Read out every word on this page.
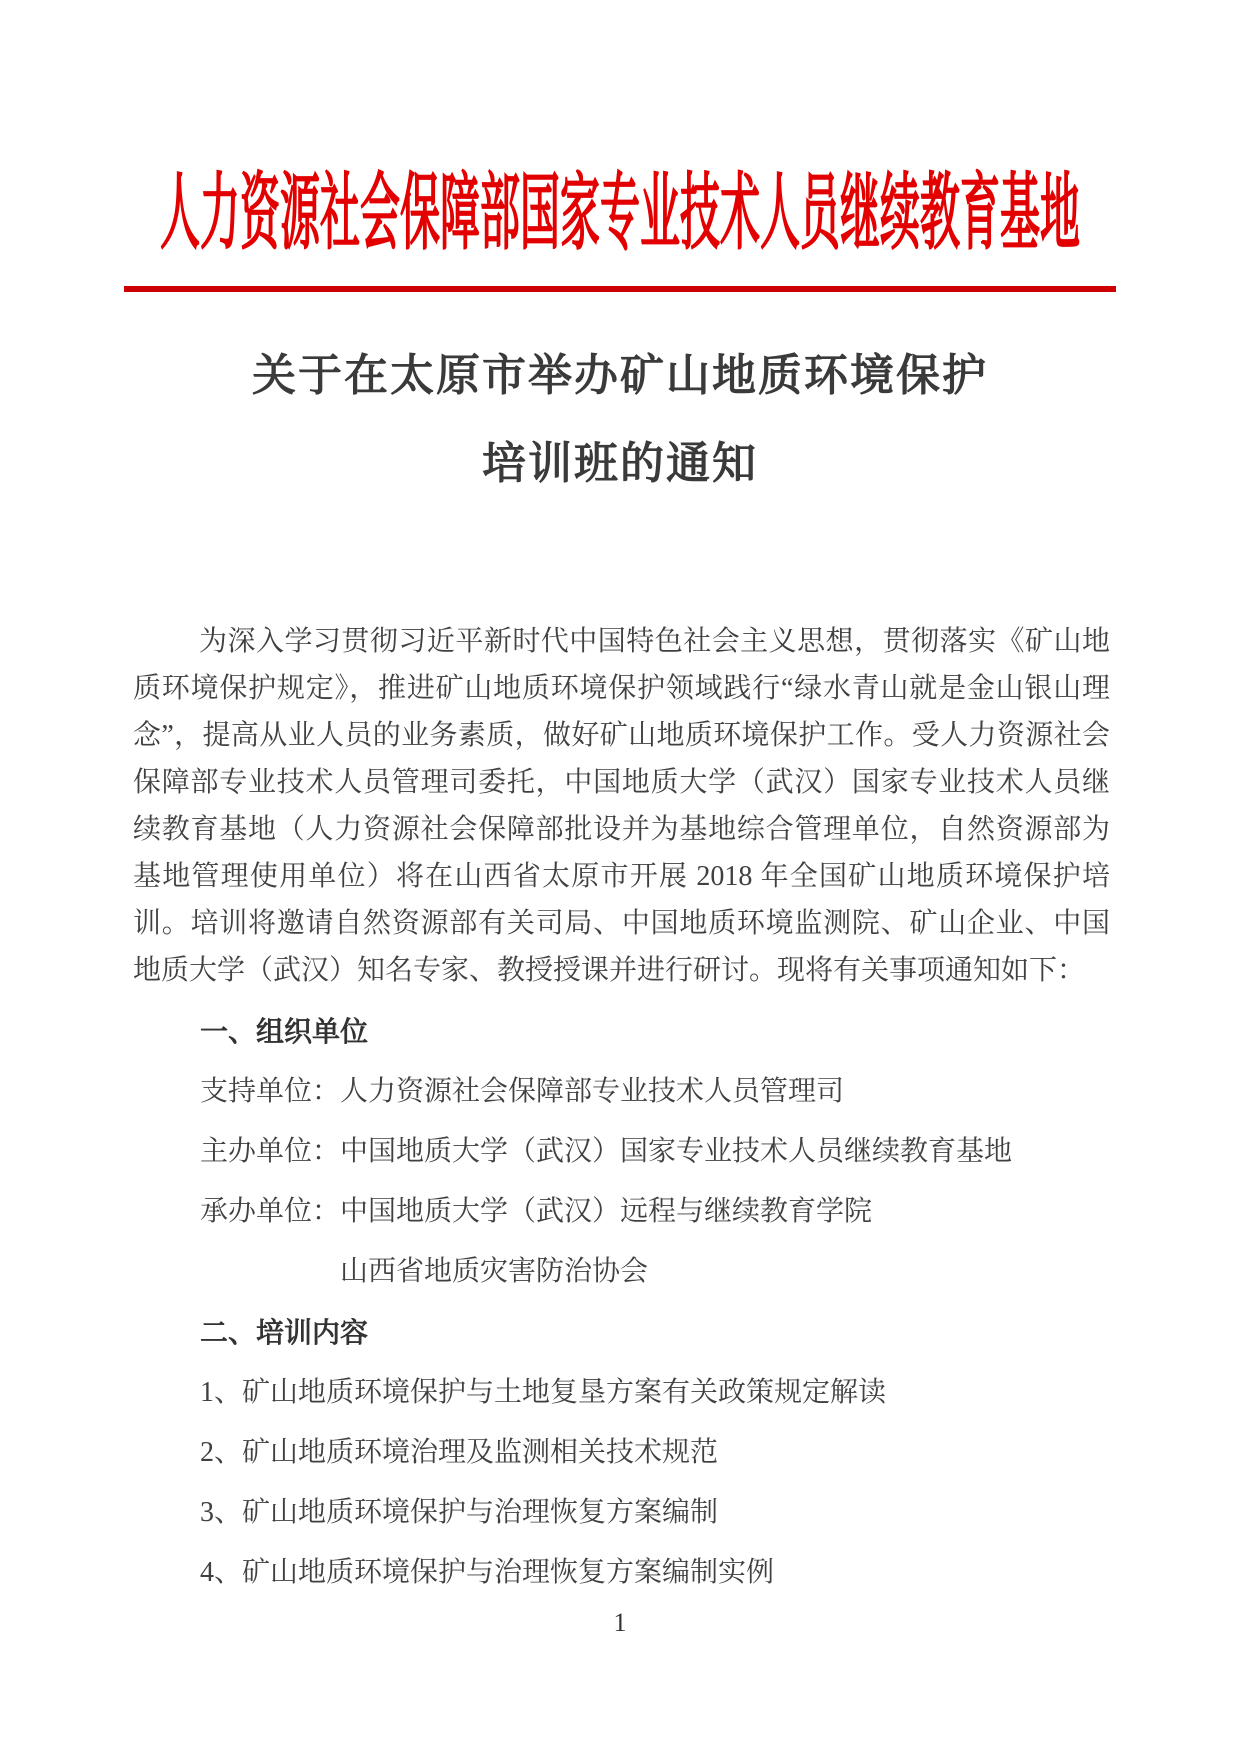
人力资源社会保障部国家专业技术人员继续教育基地
关于在太原市举办矿山地质环境保护
培训班的通知

为深入学习贯彻习近平新时代中国特色社会主义思想，贯彻落实《矿山地质环境保护规定》，推进矿山地质环境保护领域践行“绿水青山就是金山银山理念”，提高从业人员的业务素质，做好矿山地质环境保护工作。受人力资源社会保障部专业技术人员管理司委托，中国地质大学（武汉）国家专业技术人员继续教育基地（人力资源社会保障部批设并为基地综合管理单位，自然资源部为基地管理使用单位）将在山西省太原市开展 2018 年全国矿山地质环境保护培训。培训将邀请自然资源部有关司局、中国地质环境监测院、矿山企业、中国地质大学（武汉）知名专家、教授授课并进行研讨。现将有关事项通知如下：

一、组织单位

支持单位：人力资源社会保障部专业技术人员管理司

主办单位：中国地质大学（武汉）国家专业技术人员继续教育基地

承办单位：中国地质大学（武汉）远程与继续教育学院

山西省地质灾害防治协会

二、培训内容

1、矿山地质环境保护与土地复垦方案有关政策规定解读

2、矿山地质环境治理及监测相关技术规范

3、矿山地质环境保护与治理恢复方案编制

4、矿山地质环境保护与治理恢复方案编制实例

1
